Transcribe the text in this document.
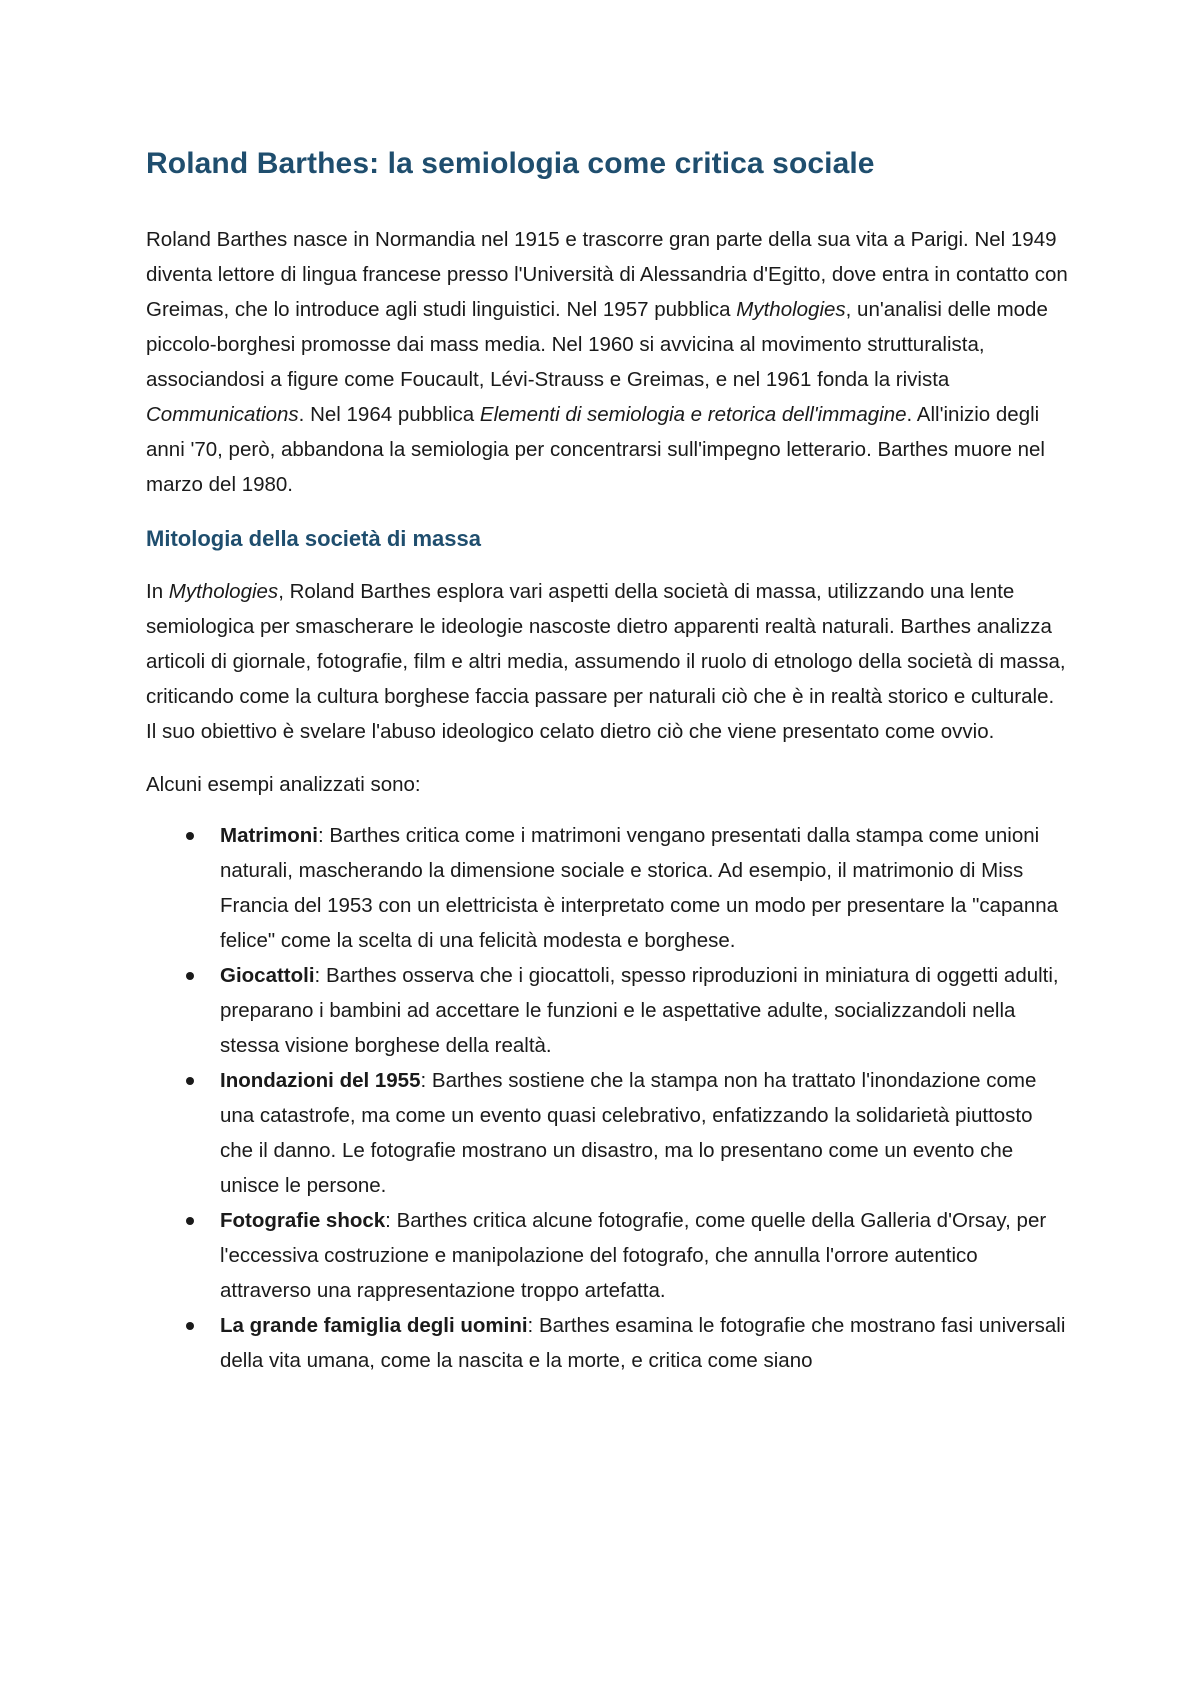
Roland Barthes: la semiologia come critica sociale

Roland Barthes nasce in Normandia nel 1915 e trascorre gran parte della sua vita a Parigi. Nel 1949 diventa lettore di lingua francese presso l'Università di Alessandria d'Egitto, dove entra in contatto con Greimas, che lo introduce agli studi linguistici. Nel 1957 pubblica Mythologies, un'analisi delle mode piccolo-borghesi promosse dai mass media. Nel 1960 si avvicina al movimento strutturalista, associandosi a figure come Foucault, Lévi-Strauss e Greimas, e nel 1961 fonda la rivista Communications. Nel 1964 pubblica Elementi di semiologia e retorica dell'immagine. All'inizio degli anni '70, però, abbandona la semiologia per concentrarsi sull'impegno letterario. Barthes muore nel marzo del 1980.

Mitologia della società di massa

In Mythologies, Roland Barthes esplora vari aspetti della società di massa, utilizzando una lente semiologica per smascherare le ideologie nascoste dietro apparenti realtà naturali. Barthes analizza articoli di giornale, fotografie, film e altri media, assumendo il ruolo di etnologo della società di massa, criticando come la cultura borghese faccia passare per naturali ciò che è in realtà storico e culturale. Il suo obiettivo è svelare l'abuso ideologico celato dietro ciò che viene presentato come ovvio.

Alcuni esempi analizzati sono:

Matrimoni: Barthes critica come i matrimoni vengano presentati dalla stampa come unioni naturali, mascherando la dimensione sociale e storica. Ad esempio, il matrimonio di Miss Francia del 1953 con un elettricista è interpretato come un modo per presentare la "capanna felice" come la scelta di una felicità modesta e borghese.
Giocattoli: Barthes osserva che i giocattoli, spesso riproduzioni in miniatura di oggetti adulti, preparano i bambini ad accettare le funzioni e le aspettative adulte, socializzandoli nella stessa visione borghese della realtà.
Inondazioni del 1955: Barthes sostiene che la stampa non ha trattato l'inondazione come una catastrofe, ma come un evento quasi celebrativo, enfatizzando la solidarietà piuttosto che il danno. Le fotografie mostrano un disastro, ma lo presentano come un evento che unisce le persone.
Fotografie shock: Barthes critica alcune fotografie, come quelle della Galleria d'Orsay, per l'eccessiva costruzione e manipolazione del fotografo, che annulla l'orrore autentico attraverso una rappresentazione troppo artefatta.
La grande famiglia degli uomini: Barthes esamina le fotografie che mostrano fasi universali della vita umana, come la nascita e la morte, e critica come siano
